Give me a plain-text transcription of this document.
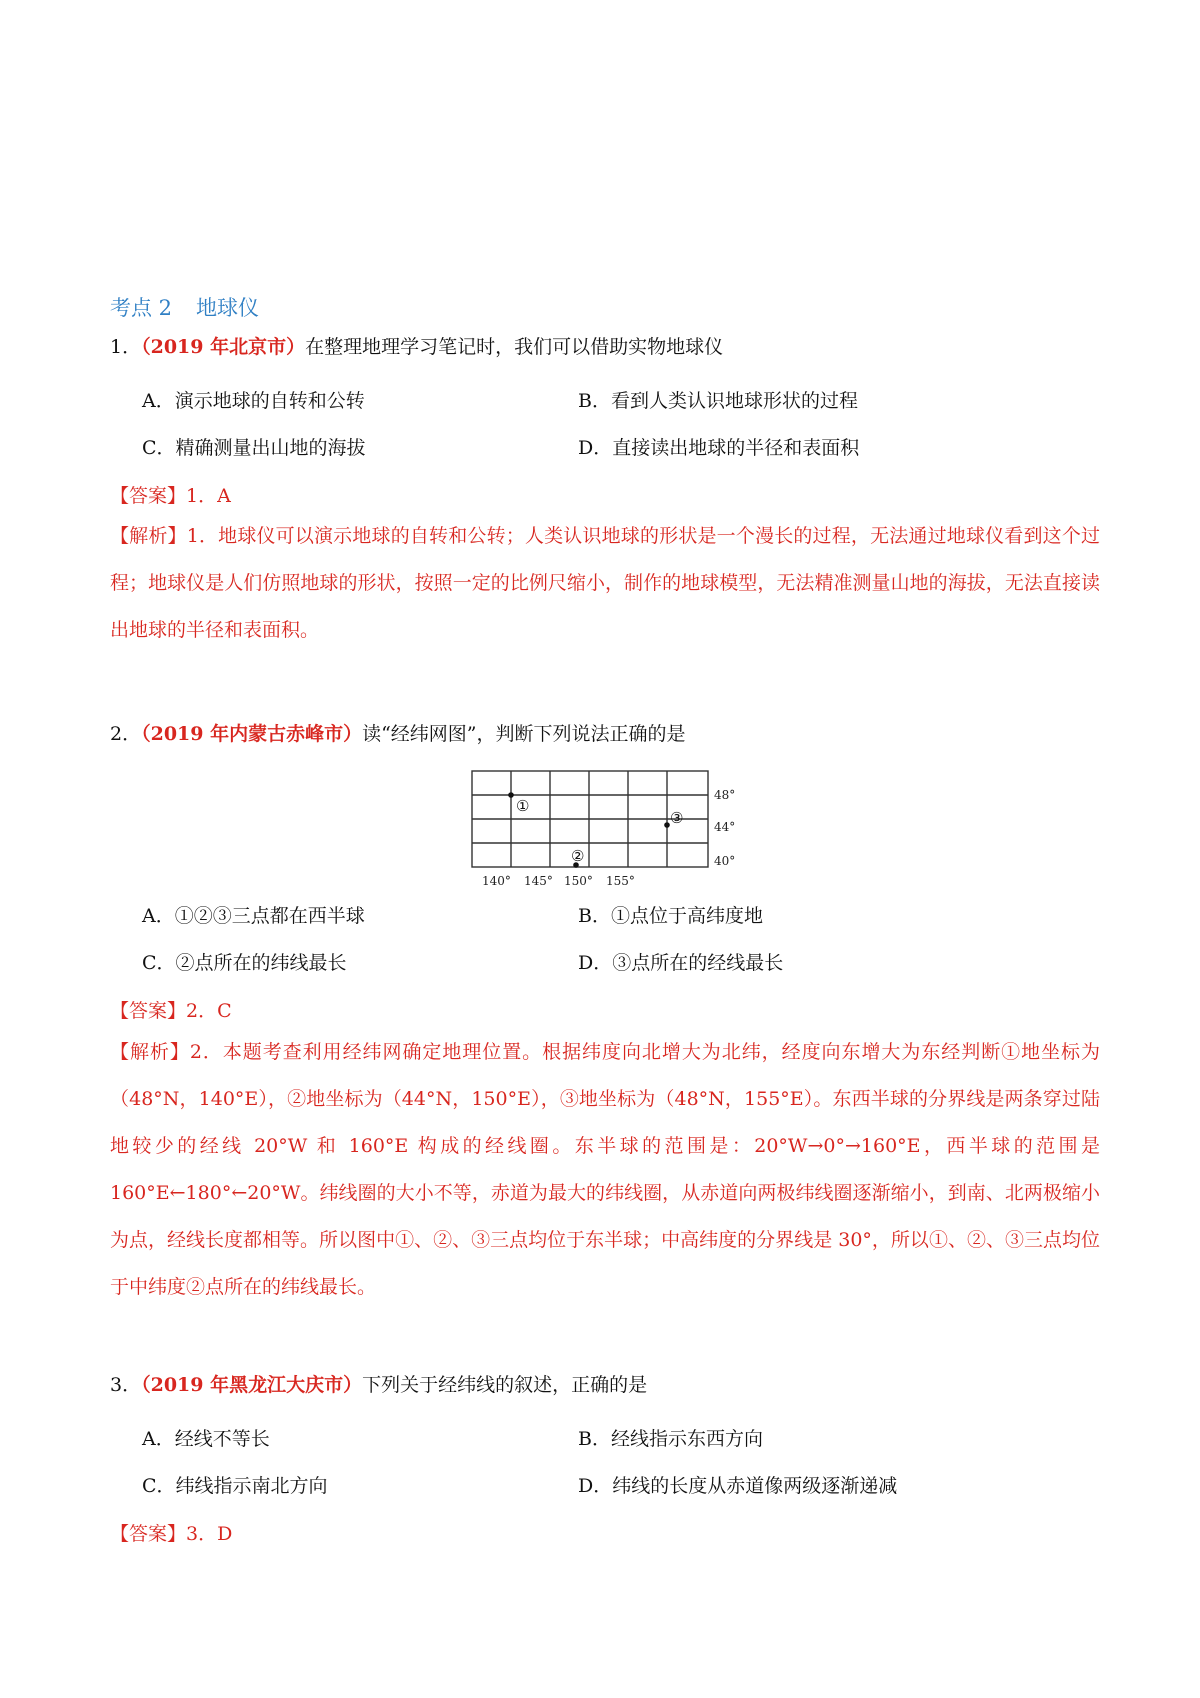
考点 2 地球仪
1．（2019 年北京市）在整理地理学习笔记时，我们可以借助实物地球仪
A．演示地球的自转和公转	B．看到人类认识地球形状的过程
C．精确测量出山地的海拔	D．直接读出地球的半径和表面积
【答案】1．A
【解析】1．地球仪可以演示地球的自转和公转；人类认识地球的形状是一个漫长的过程，无法通过地球仪看到这个过程；地球仪是人们仿照地球的形状，按照一定的比例尺缩小，制作的地球模型，无法精准测量山地的海拔，无法直接读出地球的半径和表面积。
2．（2019 年内蒙古赤峰市）读“经纬网图”，判断下列说法正确的是
48°
44°
40°
140° 145° 150° 155°
①
②
③
A．①②③三点都在西半球	B．①点位于高纬度地
C．②点所在的纬线最长	D．③点所在的经线最长
【答案】2．C
【解析】2．本题考查利用经纬网确定地理位置。根据纬度向北增大为北纬，经度向东增大为东经判断①地坐标为（48°N，140°E），②地坐标为（44°N，150°E），③地坐标为（48°N，155°E）。东西半球的分界线是两条穿过陆地较少的经线 20°W 和 160°E 构成的经线圈。东半球的范围是：20°W→0°→160°E，西半球的范围是 160°E←180°←20°W。纬线圈的大小不等，赤道为最大的纬线圈，从赤道向两极纬线圈逐渐缩小，到南、北两极缩小为点，经线长度都相等。所以图中①、②、③三点均位于东半球；中高纬度的分界线是 30°，所以①、②、③三点均位于中纬度②点所在的纬线最长。
3．（2019 年黑龙江大庆市）下列关于经纬线的叙述，正确的是
A．经线不等长	B．经线指示东西方向
C．纬线指示南北方向	D．纬线的长度从赤道像两级逐渐递减
【答案】3．D
